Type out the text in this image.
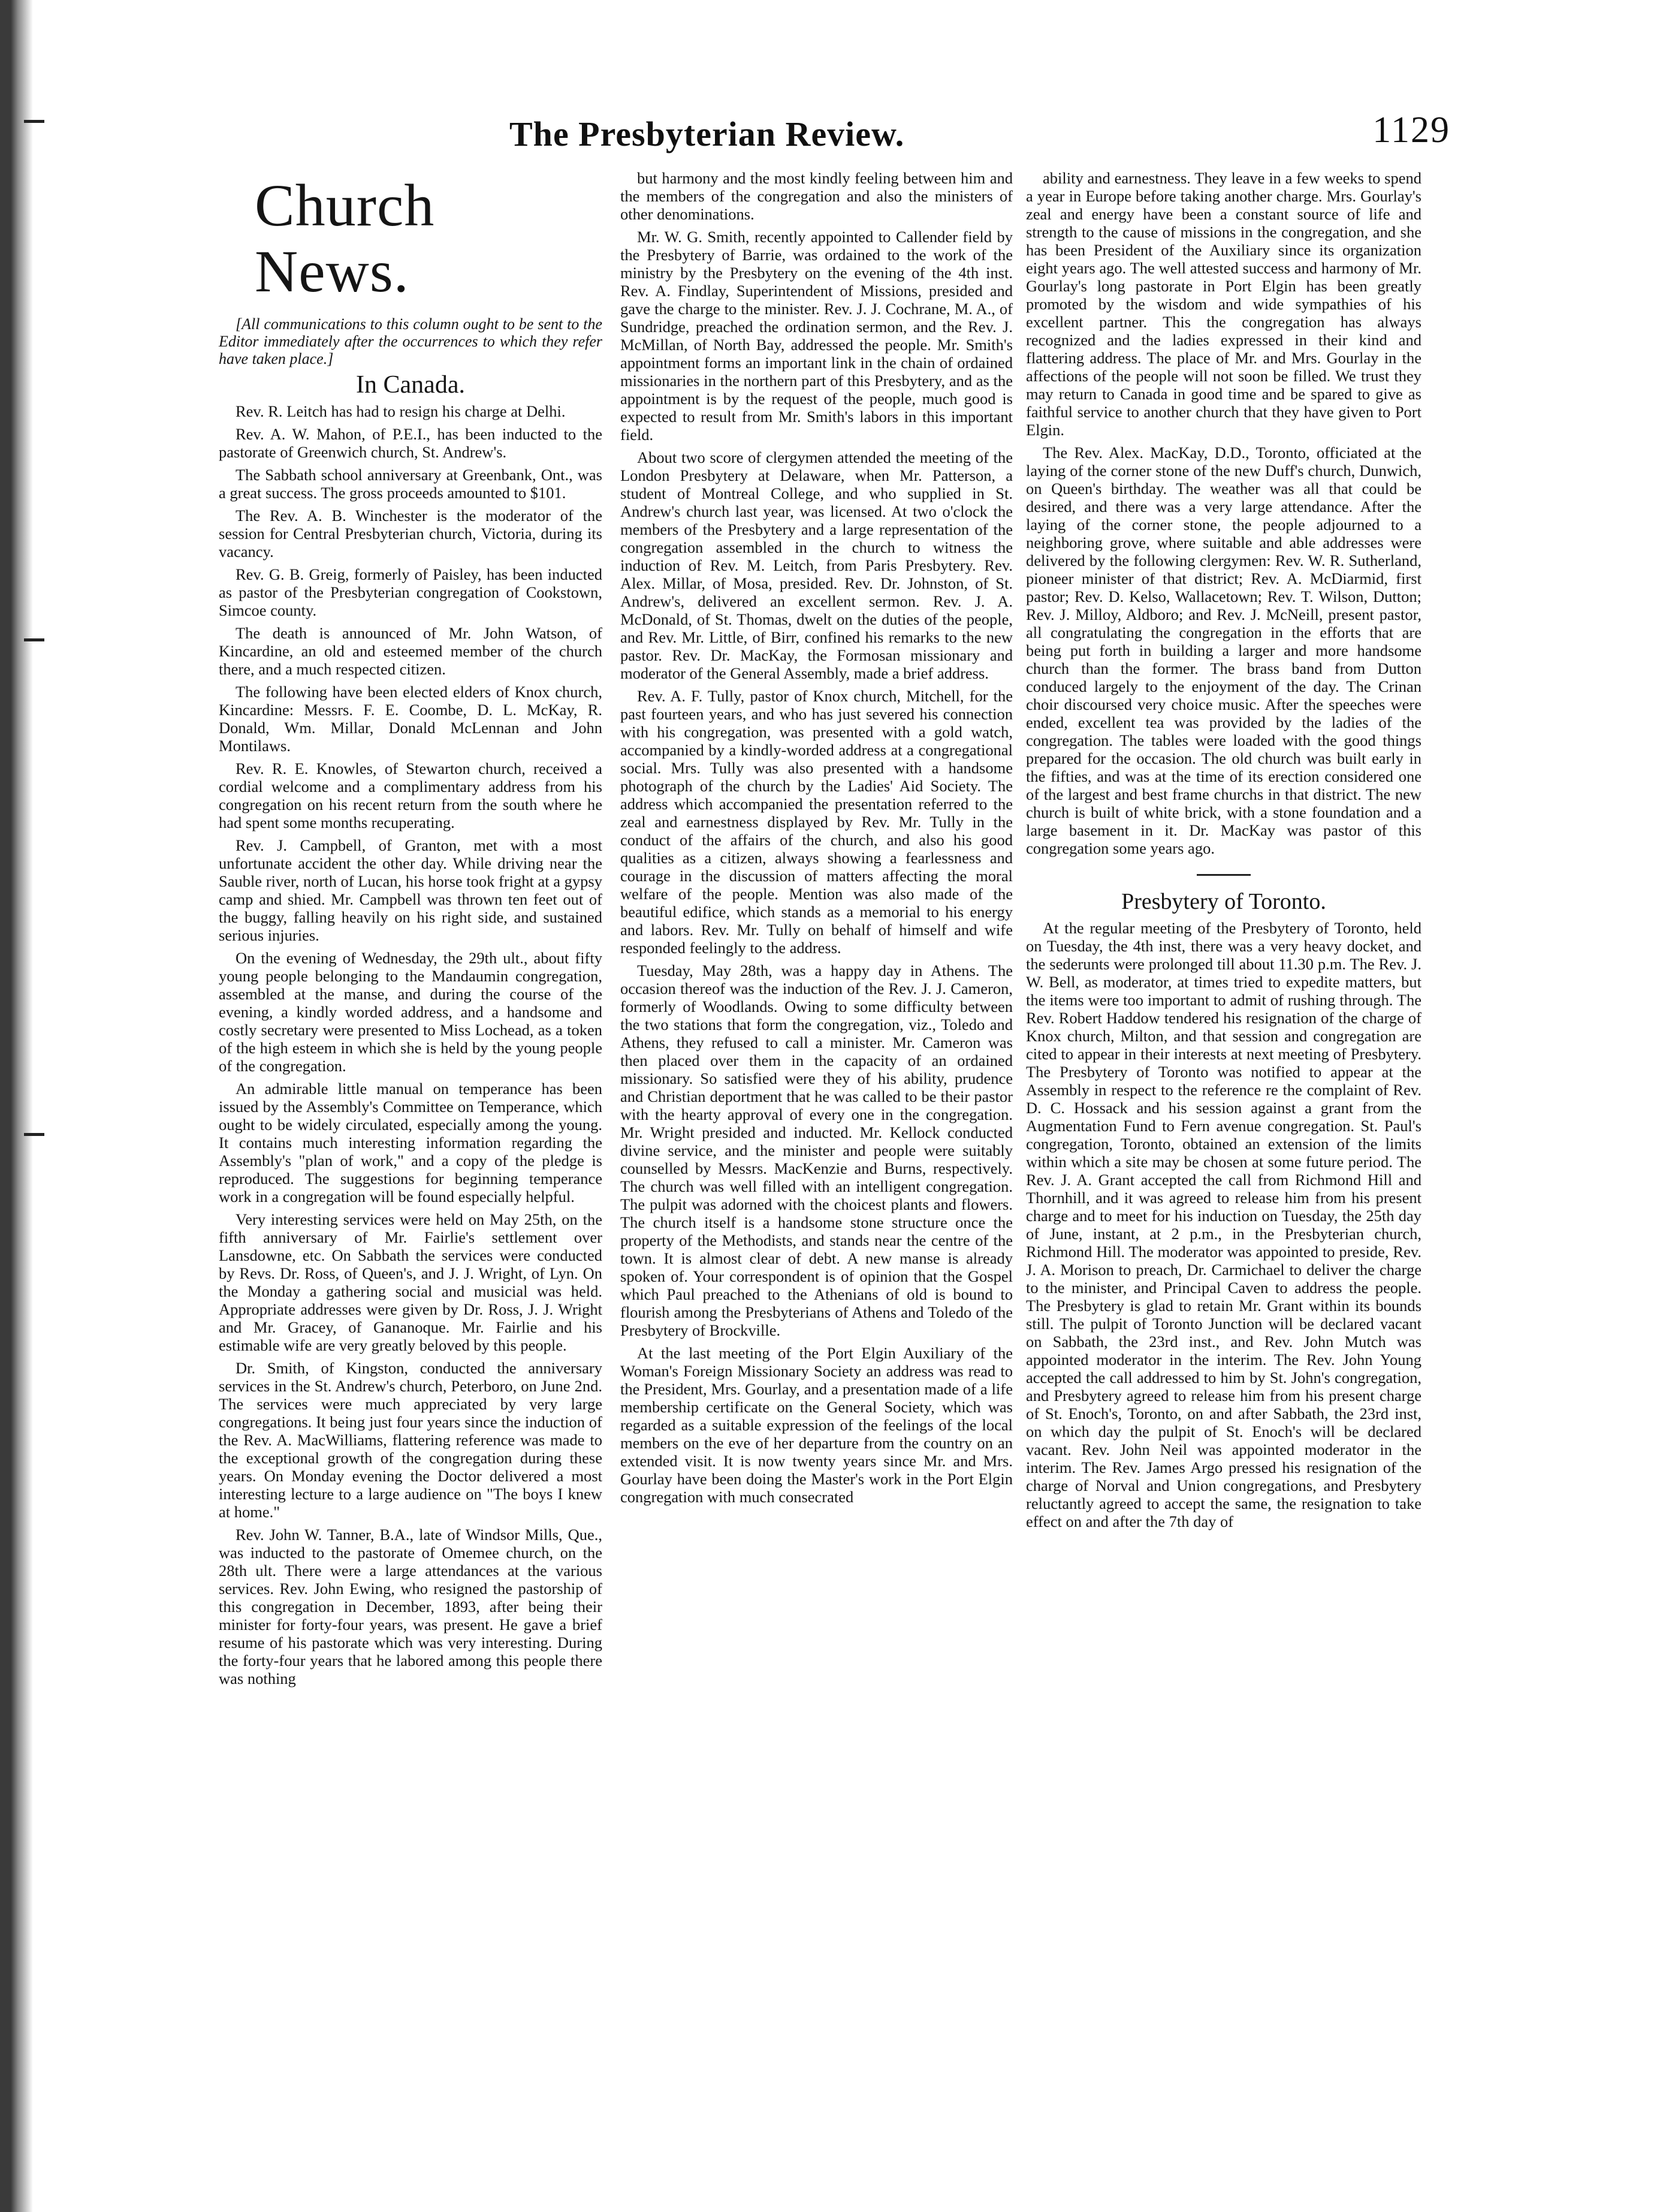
The Presbyterian Review.	1129
Church News.

[All communications to this column ought to be sent to the Editor immediately after the occurrences to which they refer have taken place.]

In Canada.

Rev. R. Leitch has had to resign his charge at Delhi.

Rev. A. W. Mahon, of P.E.I., has been inducted to the pastorate of Greenwich church, St. Andrew's.

The Sabbath school anniversary at Greenbank, Ont., was a great success. The gross proceeds amounted to $101.

The Rev. A. B. Winchester is the moderator of the session for Central Presbyterian church, Victoria, during its vacancy.

Rev. G. B. Greig, formerly of Paisley, has been inducted as pastor of the Presbyterian congregation of Cookstown, Simcoe county.

The death is announced of Mr. John Watson, of Kincardine, an old and esteemed member of the church there, and a much respected citizen.

The following have been elected elders of Knox church, Kincardine: Messrs. F. E. Coombe, D. L. McKay, R. Donald, Wm. Millar, Donald McLennan and John Montilaws.

Rev. R. E. Knowles, of Stewarton church, received a cordial welcome and a complimentary address from his congregation on his recent return from the south where he had spent some months recuperating.

Rev. J. Campbell, of Granton, met with a most unfortunate accident the other day. While driving near the Sauble river, north of Lucan, his horse took fright at a gypsy camp and shied. Mr. Campbell was thrown ten feet out of the buggy, falling heavily on his right side, and sustained serious injuries.

On the evening of Wednesday, the 29th ult., about fifty young people belonging to the Mandaumin congregation, assembled at the manse, and during the course of the evening, a kindly worded address, and a handsome and costly secretary were presented to Miss Lochead, as a token of the high esteem in which she is held by the young people of the congregation.

An admirable little manual on temperance has been issued by the Assembly's Committee on Temperance, which ought to be widely circulated, especially among the young. It contains much interesting information regarding the Assembly's "plan of work," and a copy of the pledge is reproduced. The suggestions for beginning temperance work in a congregation will be found especially helpful.

Very interesting services were held on May 25th, on the fifth anniversary of Mr. Fairlie's settlement over Lansdowne, etc. On Sabbath the services were conducted by Revs. Dr. Ross, of Queen's, and J. J. Wright, of Lyn. On the Monday a gathering social and musicial was held. Appropriate addresses were given by Dr. Ross, J. J. Wright and Mr. Gracey, of Gananoque. Mr. Fairlie and his estimable wife are very greatly beloved by this people.

Dr. Smith, of Kingston, conducted the anniversary services in the St. Andrew's church, Peterboro, on June 2nd. The services were much appreciated by very large congregations. It being just four years since the induction of the Rev. A. MacWilliams, flattering reference was made to the exceptional growth of the congregation during these years. On Monday evening the Doctor delivered a most interesting lecture to a large audience on "The boys I knew at home."

Rev. John W. Tanner, B.A., late of Windsor Mills, Que., was inducted to the pastorate of Omemee church, on the 28th ult. There were a large attendances at the various services. Rev. John Ewing, who resigned the pastorship of this congregation in December, 1893, after being their minister for forty-four years, was present. He gave a brief resume of his pastorate which was very interesting. During the forty-four years that he labored among this people there was nothing

but harmony and the most kindly feeling between him and the members of the congregation and also the ministers of other denominations.

Mr. W. G. Smith, recently appointed to Callender field by the Presbytery of Barrie, was ordained to the work of the ministry by the Presbytery on the evening of the 4th inst. Rev. A. Findlay, Superintendent of Missions, presided and gave the charge to the minister. Rev. J. J. Cochrane, M. A., of Sundridge, preached the ordination sermon, and the Rev. J. McMillan, of North Bay, addressed the people. Mr. Smith's appointment forms an important link in the chain of ordained missionaries in the northern part of this Presbytery, and as the appointment is by the request of the people, much good is expected to result from Mr. Smith's labors in this important field.

About two score of clergymen attended the meeting of the London Presbytery at Delaware, when Mr. Patterson, a student of Montreal College, and who supplied in St. Andrew's church last year, was licensed. At two o'clock the members of the Presbytery and a large representation of the congregation assembled in the church to witness the induction of Rev. M. Leitch, from Paris Presbytery. Rev. Alex. Millar, of Mosa, presided. Rev. Dr. Johnston, of St. Andrew's, delivered an excellent sermon. Rev. J. A. McDonald, of St. Thomas, dwelt on the duties of the people, and Rev. Mr. Little, of Birr, confined his remarks to the new pastor. Rev. Dr. MacKay, the Formosan missionary and moderator of the General Assembly, made a brief address.

Rev. A. F. Tully, pastor of Knox church, Mitchell, for the past fourteen years, and who has just severed his connection with his congregation, was presented with a gold watch, accompanied by a kindly-worded address at a congregational social. Mrs. Tully was also presented with a handsome photograph of the church by the Ladies' Aid Society. The address which accompanied the presentation referred to the zeal and earnestness displayed by Rev. Mr. Tully in the conduct of the affairs of the church, and also his good qualities as a citizen, always showing a fearlessness and courage in the discussion of matters affecting the moral welfare of the people. Mention was also made of the beautiful edifice, which stands as a memorial to his energy and labors. Rev. Mr. Tully on behalf of himself and wife responded feelingly to the address.

Tuesday, May 28th, was a happy day in Athens. The occasion thereof was the induction of the Rev. J. J. Cameron, formerly of Woodlands. Owing to some difficulty between the two stations that form the congregation, viz., Toledo and Athens, they refused to call a minister. Mr. Cameron was then placed over them in the capacity of an ordained missionary. So satisfied were they of his ability, prudence and Christian deportment that he was called to be their pastor with the hearty approval of every one in the congregation. Mr. Wright presided and inducted. Mr. Kellock conducted divine service, and the minister and people were suitably counselled by Messrs. MacKenzie and Burns, respectively. The church was well filled with an intelligent congregation. The pulpit was adorned with the choicest plants and flowers. The church itself is a handsome stone structure once the property of the Methodists, and stands near the centre of the town. It is almost clear of debt. A new manse is already spoken of. Your correspondent is of opinion that the Gospel which Paul preached to the Athenians of old is bound to flourish among the Presbyterians of Athens and Toledo of the Presbytery of Brockville.

At the last meeting of the Port Elgin Auxiliary of the Woman's Foreign Missionary Society an address was read to the President, Mrs. Gourlay, and a presentation made of a life membership certificate on the General Society, which was regarded as a suitable expression of the feelings of the local members on the eve of her departure from the country on an extended visit. It is now twenty years since Mr. and Mrs. Gourlay have been doing the Master's work in the Port Elgin congregation with much consecrated

ability and earnestness. They leave in a few weeks to spend a year in Europe before taking another charge. Mrs. Gourlay's zeal and energy have been a constant source of life and strength to the cause of missions in the congregation, and she has been President of the Auxiliary since its organization eight years ago. The well attested success and harmony of Mr. Gourlay's long pastorate in Port Elgin has been greatly promoted by the wisdom and wide sympathies of his excellent partner. This the congregation has always recognized and the ladies expressed in their kind and flattering address. The place of Mr. and Mrs. Gourlay in the affections of the people will not soon be filled. We trust they may return to Canada in good time and be spared to give as faithful service to another church that they have given to Port Elgin.

The Rev. Alex. MacKay, D.D., Toronto, officiated at the laying of the corner stone of the new Duff's church, Dunwich, on Queen's birthday. The weather was all that could be desired, and there was a very large attendance. After the laying of the corner stone, the people adjourned to a neighboring grove, where suitable and able addresses were delivered by the following clergymen: Rev. W. R. Sutherland, pioneer minister of that district; Rev. A. McDiarmid, first pastor; Rev. D. Kelso, Wallacetown; Rev. T. Wilson, Dutton; Rev. J. Milloy, Aldboro; and Rev. J. McNeill, present pastor, all congratulating the congregation in the efforts that are being put forth in building a larger and more handsome church than the former. The brass band from Dutton conduced largely to the enjoyment of the day. The Crinan choir discoursed very choice music. After the speeches were ended, excellent tea was provided by the ladies of the congregation. The tables were loaded with the good things prepared for the occasion. The old church was built early in the fifties, and was at the time of its erection considered one of the largest and best frame churchs in that district. The new church is built of white brick, with a stone foundation and a large basement in it. Dr. MacKay was pastor of this congregation some years ago.

Presbytery of Toronto.

At the regular meeting of the Presbytery of Toronto, held on Tuesday, the 4th inst, there was a very heavy docket, and the sederunts were prolonged till about 11.30 p.m. The Rev. J. W. Bell, as moderator, at times tried to expedite matters, but the items were too important to admit of rushing through. The Rev. Robert Haddow tendered his resignation of the charge of Knox church, Milton, and that session and congregation are cited to appear in their interests at next meeting of Presbytery. The Presbytery of Toronto was notified to appear at the Assembly in respect to the reference re the complaint of Rev. D. C. Hossack and his session against a grant from the Augmentation Fund to Fern avenue congregation. St. Paul's congregation, Toronto, obtained an extension of the limits within which a site may be chosen at some future period. The Rev. J. A. Grant accepted the call from Richmond Hill and Thornhill, and it was agreed to release him from his present charge and to meet for his induction on Tuesday, the 25th day of June, instant, at 2 p.m., in the Presbyterian church, Richmond Hill. The moderator was appointed to preside, Rev. J. A. Morison to preach, Dr. Carmichael to deliver the charge to the minister, and Principal Caven to address the people. The Presbytery is glad to retain Mr. Grant within its bounds still. The pulpit of Toronto Junction will be declared vacant on Sabbath, the 23rd inst., and Rev. John Mutch was appointed moderator in the interim. The Rev. John Young accepted the call addressed to him by St. John's congregation, and Presbytery agreed to release him from his present charge of St. Enoch's, Toronto, on and after Sabbath, the 23rd inst, on which day the pulpit of St. Enoch's will be declared vacant. Rev. John Neil was appointed moderator in the interim. The Rev. James Argo pressed his resignation of the charge of Norval and Union congregations, and Presbytery reluctantly agreed to accept the same, the resignation to take effect on and after the 7th day of
